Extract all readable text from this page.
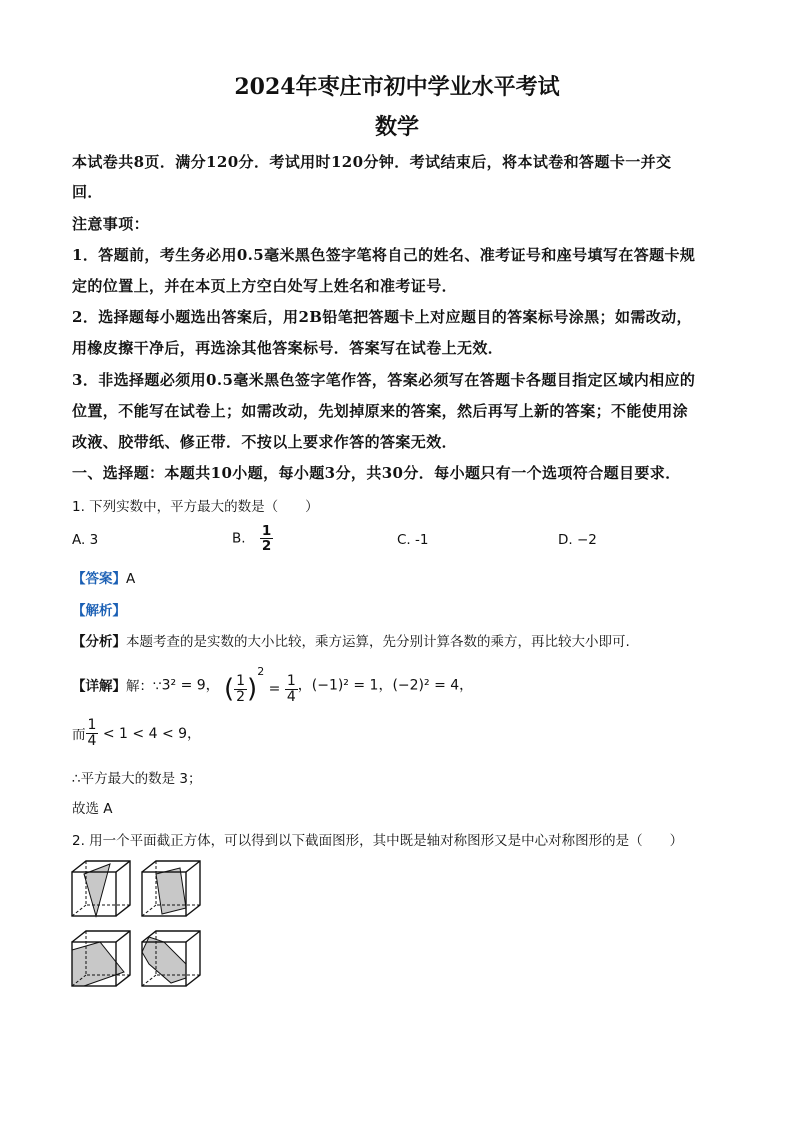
2024年枣庄市初中学业水平考试
数学
本试卷共8页．满分120分．考试用时120分钟．考试结束后，将本试卷和答题卡一并交
回．
注意事项：
1．答题前，考生务必用0.5毫米黑色签字笔将自己的姓名、准考证号和座号填写在答题卡规
定的位置上，并在本页上方空白处写上姓名和准考证号．
2．选择题每小题选出答案后，用2B铅笔把答题卡上对应题目的答案标号涂黑；如需改动，
用橡皮擦干净后，再选涂其他答案标号．答案写在试卷上无效．
3．非选择题必须用0.5毫米黑色签字笔作答，答案必须写在答题卡各题目指定区域内相应的
位置，不能写在试卷上；如需改动，先划掉原来的答案，然后再写上新的答案；不能使用涂
改液、胶带纸、修正带．不按以上要求作答的答案无效．
一、选择题：本题共10小题，每小题3分，共30分．每小题只有一个选项符合题目要求．
1. 下列实数中，平方最大的数是（　　）
A. 3	B. $\frac{1}{2}$	C. -1	D. −2
【答案】A
【解析】
【分析】本题考查的是实数的大小比较，乘方运算，先分别计算各数的乘方，再比较大小即可.
【详解】解：∵3² = 9， ( $\frac{1}{2} )^2 = \frac{1}{4}$ ，(−1)² = 1，(−2)² = 4，
而 $\frac{1}{4} < 1 < 4 < 9$，
∴平方最大的数是 3；
故选 A
2. 用一个平面截正方体，可以得到以下截面图形，其中既是轴对称图形又是中心对称图形的是（　　）
